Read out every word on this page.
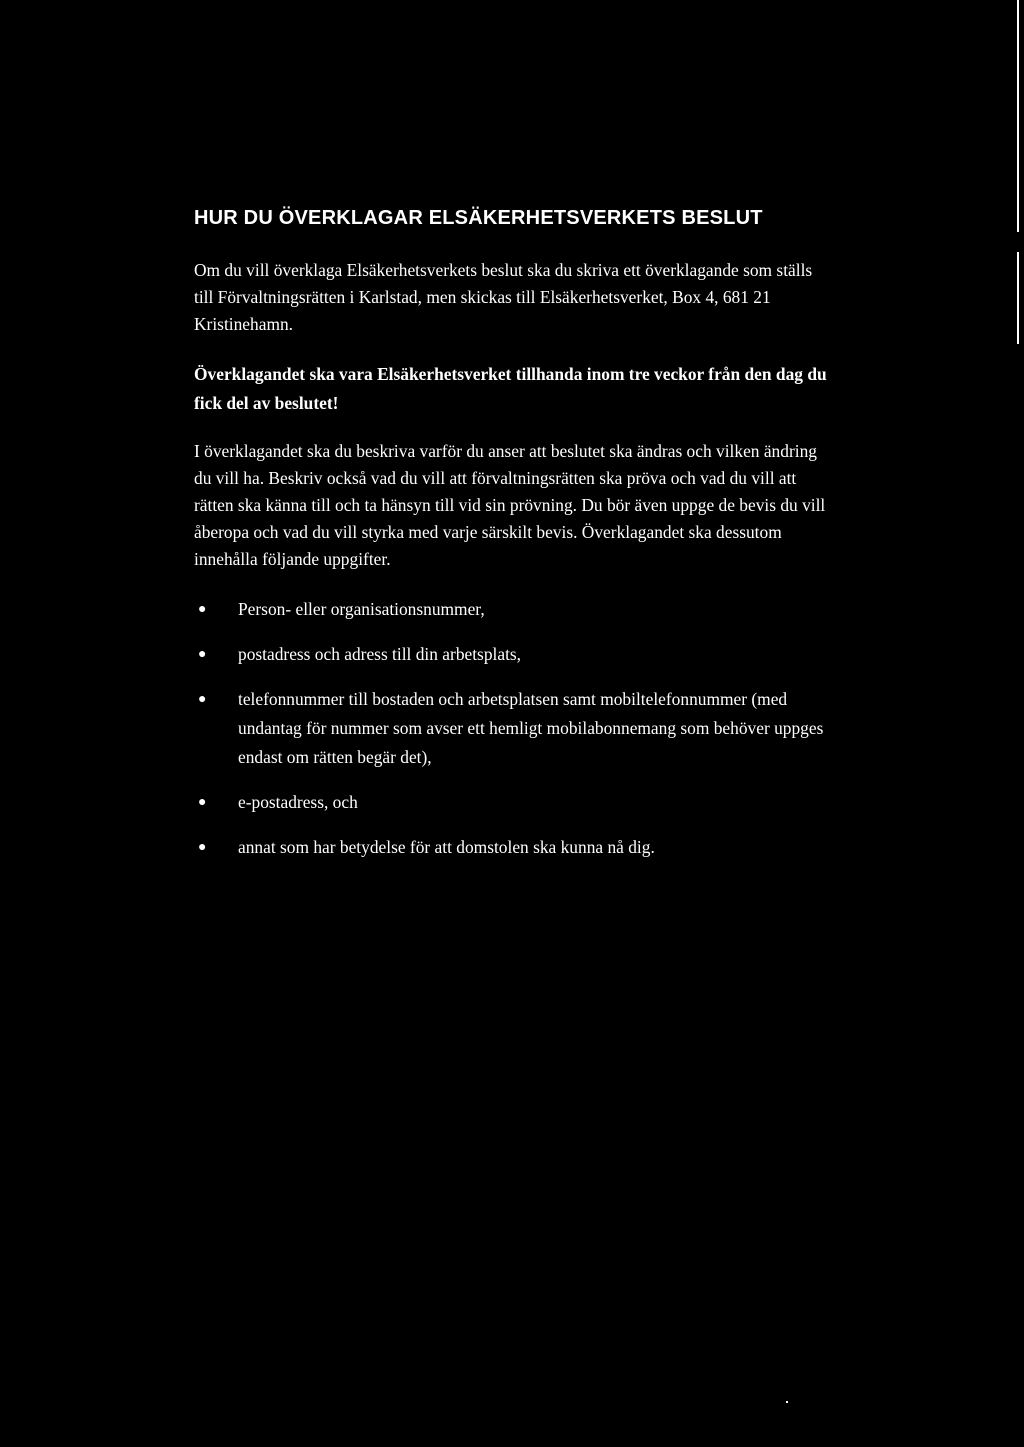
HUR DU ÖVERKLAGAR ELSÄKERHETSVERKETS BESLUT

Om du vill överklaga Elsäkerhetsverkets beslut ska du skriva ett överklagande som ställs till Förvaltningsrätten i Karlstad, men skickas till Elsäkerhetsverket, Box 4, 681 21 Kristinehamn.

Överklagandet ska vara Elsäkerhetsverket tillhanda inom tre veckor från den dag du fick del av beslutet!

I överklagandet ska du beskriva varför du anser att beslutet ska ändras och vilken ändring du vill ha. Beskriv också vad du vill att förvaltningsrätten ska pröva och vad du vill att rätten ska känna till och ta hänsyn till vid sin prövning. Du bör även uppge de bevis du vill åberopa och vad du vill styrka med varje särskilt bevis. Överklagandet ska dessutom innehålla följande uppgifter.

● Person- eller organisationsnummer,
● postadress och adress till din arbetsplats,
● telefonnummer till bostaden och arbetsplatsen samt mobiltelefonnummer (med undantag för nummer som avser ett hemligt mobilabonnemang som behöver uppges endast om rätten begär det),
● e-postadress, och
● annat som har betydelse för att domstolen ska kunna nå dig.
